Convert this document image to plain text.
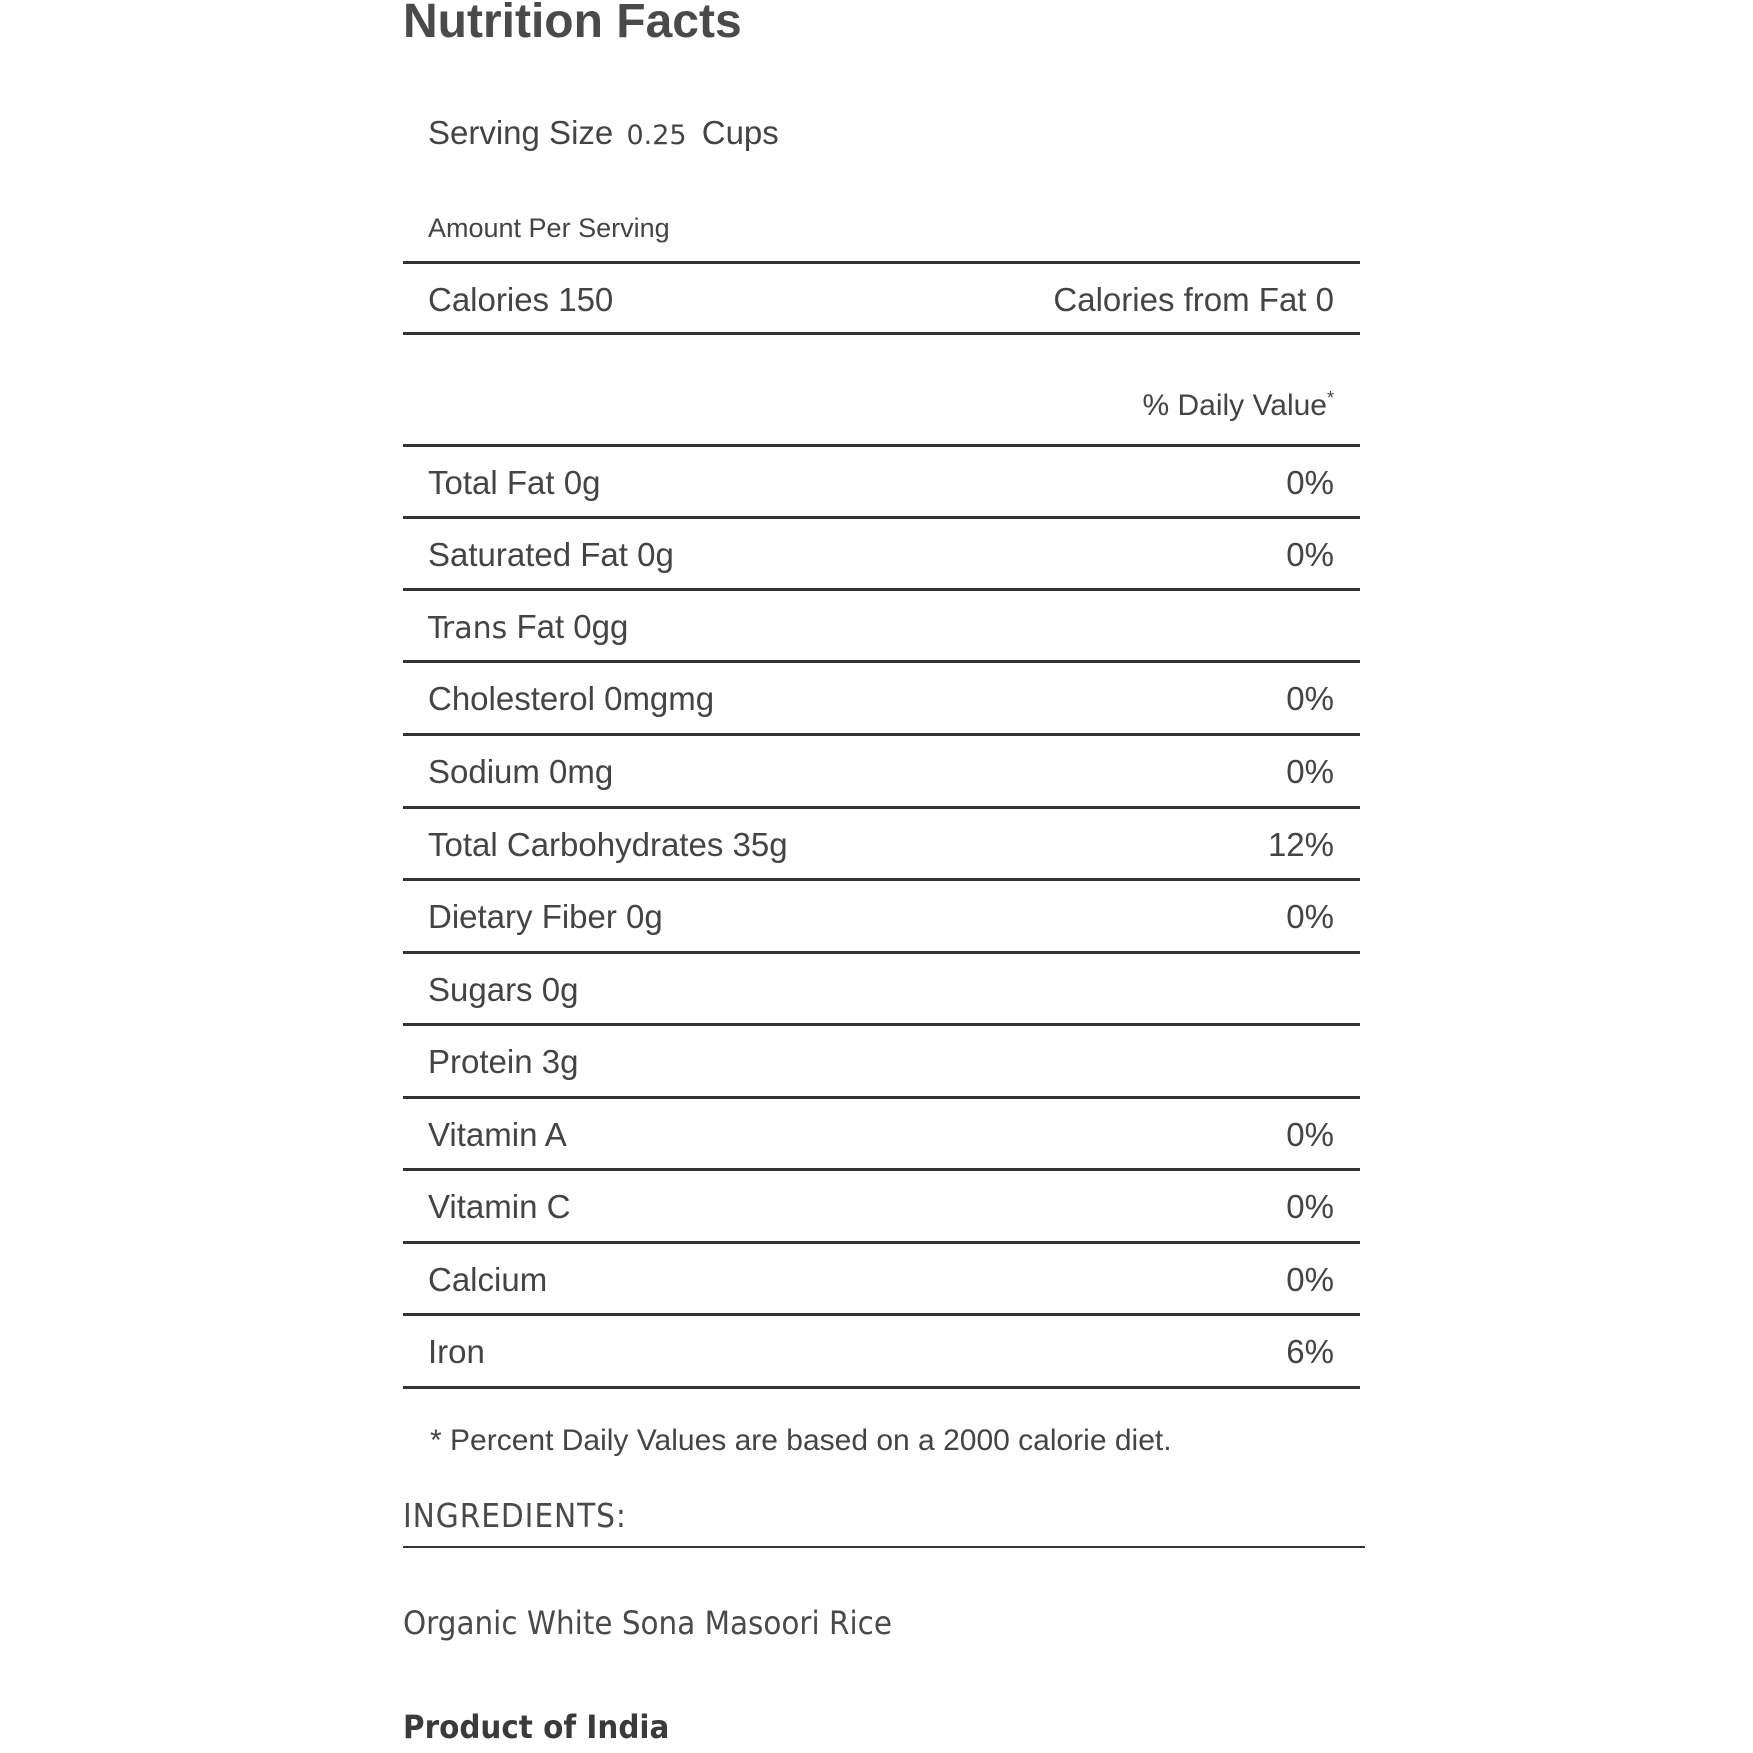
Nutrition Facts
Serving Size 0.25 Cups
Amount Per Serving
Calories 150	Calories from Fat 0
% Daily Value*
Total Fat 0g	0%
Saturated Fat 0g	0%
Trans Fat 0gg
Cholesterol 0mgmg	0%
Sodium 0mg	0%
Total Carbohydrates 35g	12%
Dietary Fiber 0g	0%
Sugars 0g
Protein 3g
Vitamin A	0%
Vitamin C	0%
Calcium	0%
Iron	6%
* Percent Daily Values are based on a 2000 calorie diet.
INGREDIENTS:
Organic White Sona Masoori Rice
Product of India
